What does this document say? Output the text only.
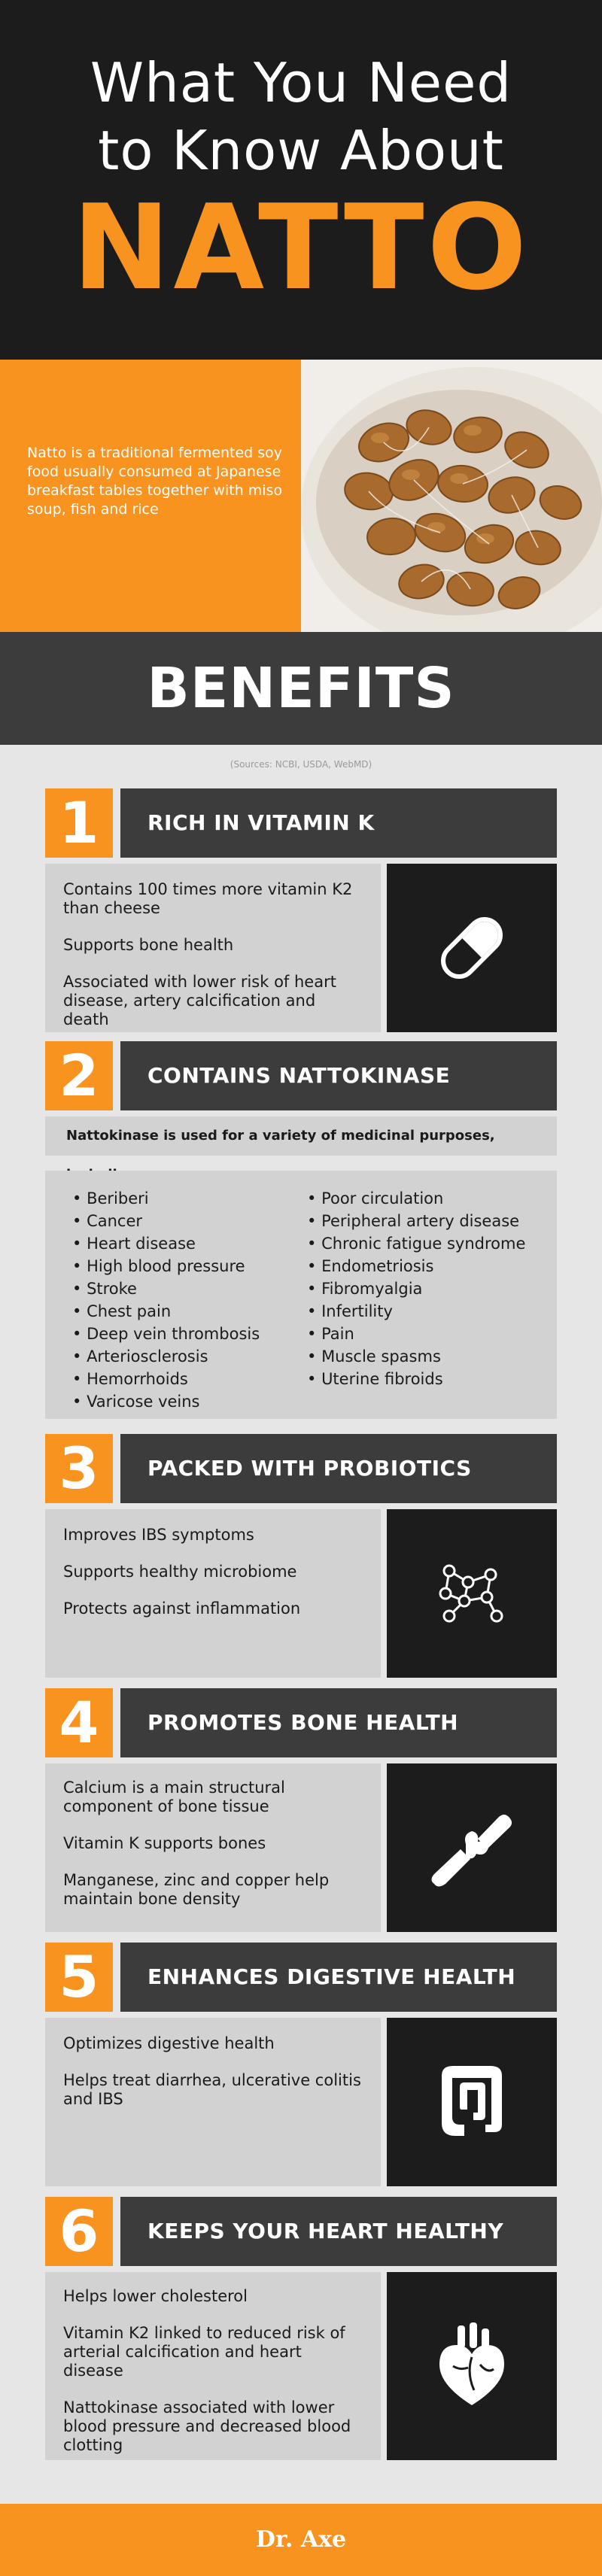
What You Need
to Know About
NATTO
Natto is a traditional fermented soy food usually consumed at Japanese breakfast tables together with miso soup, fish and rice
BENEFITS
(Sources: NCBI, USDA, WebMD)
1	RICH IN VITAMIN K

Contains 100 times more vitamin K2 than cheese

Supports bone health

Associated with lower risk of heart disease, artery calcification and death

2	CONTAINS NATTOKINASE
Nattokinase is used for a variety of medicinal purposes,
• Beriberi
• Cancer
• Heart disease
• High blood pressure
• Stroke
• Chest pain
• Deep vein thrombosis
• Arteriosclerosis
• Hemorrhoids
• Varicose veins
• Poor circulation
• Peripheral artery disease
• Chronic fatigue syndrome
• Endometriosis
• Fibromyalgia
• Infertility
• Pain
• Muscle spasms
• Uterine fibroids
3	PACKED WITH PROBIOTICS

Improves IBS symptoms

Supports healthy microbiome

Protects against inflammation

4	PROMOTES BONE HEALTH

Calcium is a main structural component of bone tissue

Vitamin K supports bones

Manganese, zinc and copper help maintain bone density

5	ENHANCES DIGESTIVE HEALTH

Optimizes digestive health

Helps treat diarrhea, ulcerative colitis and IBS

6	KEEPS YOUR HEART HEALTHY

Helps lower cholesterol

Vitamin K2 linked to reduced risk of arterial calcification and heart disease

Nattokinase associated with lower blood pressure and decreased blood clotting

Dr. Axe
